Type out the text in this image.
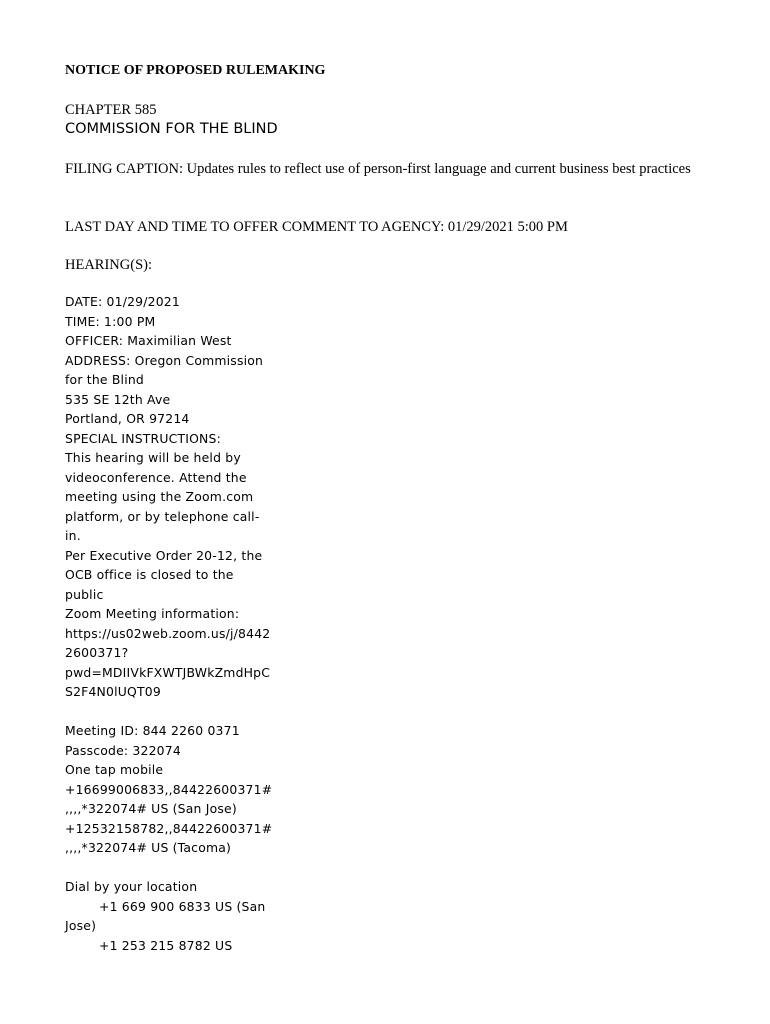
NOTICE OF PROPOSED RULEMAKING
CHAPTER 585
COMMISSION FOR THE BLIND
FILING CAPTION: Updates rules to reflect use of person-first language and current business best practices
LAST DAY AND TIME TO OFFER COMMENT TO AGENCY: 01/29/2021 5:00 PM
HEARING(S):
DATE: 01/29/2021
TIME: 1:00 PM
OFFICER: Maximilian West
ADDRESS: Oregon Commission
for the Blind
535 SE 12th Ave
Portland, OR 97214
SPECIAL INSTRUCTIONS:
This hearing will be held by
videoconference. Attend the
meeting using the Zoom.com
platform, or by telephone call-
in.
Per Executive Order 20-12, the
OCB office is closed to the
public
Zoom Meeting information:
https://us02web.zoom.us/j/8442
2600371?
pwd=MDIIVkFXWTJBWkZmdHpC
S2F4N0lUQT09
Meeting ID: 844 2260 0371
Passcode: 322074
One tap mobile
+16699006833,,84422600371#
,,,,*322074# US (San Jose)
+12532158782,,84422600371#
,,,,*322074# US (Tacoma)
Dial by your location
+1 669 900 6833 US (San
Jose)
+1 253 215 8782 US
